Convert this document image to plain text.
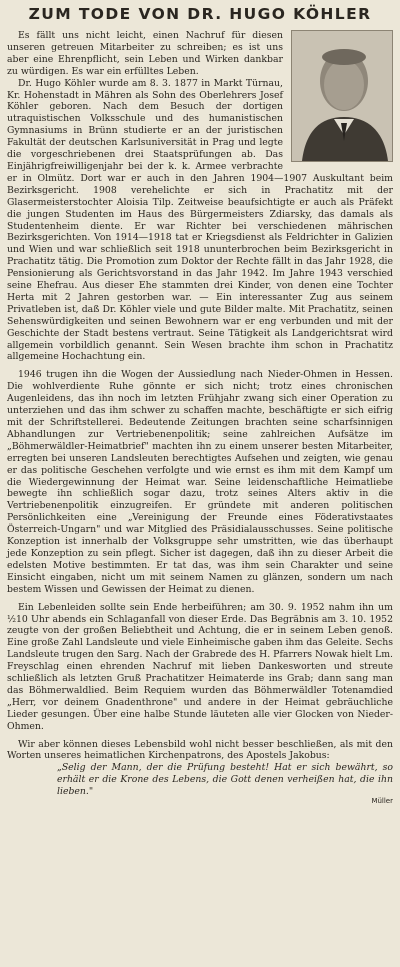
ZUM TODE VON DR. HUGO KÖHLER

Es fällt uns nicht leicht, einen Nachruf für diesen unseren getreuen Mitarbeiter zu schreiben; es ist uns aber eine Ehrenpflicht, sein Leben und Wirken dankbar zu würdigen. Es war ein erfülltes Leben.

Dr. Hugo Köhler wurde am 8. 3. 1877 in Markt Türnau, Kr. Hohenstadt in Mähren als Sohn des Oberlehrers Josef Köhler geboren. Nach dem Besuch der dortigen utraquistischen Volksschule und des humanistischen Gymnasiums in Brünn studierte er an der juristischen Fakultät der deutschen Karlsuniversität in Prag und legte die vorgeschriebenen drei Staatsprüfungen ab. Das Einjährigfreiwilligenjahr bei der k. k. Armee verbrachte er in Olmütz. Dort war er auch in den Jahren 1904—1907 Auskultant beim Bezirksgericht. 1908 verehelichte er sich in Prachatitz mit der Glasermeisterstochter Aloisia Tilp. Zeitweise beaufsichtigte er auch als Präfekt die jungen Studenten im Haus des Bürgermeisters Zdiarsky, das damals als Studentenheim diente. Er war Richter bei verschiedenen mährischen Bezirksgerichten. Von 1914—1918 tat er Kriegsdienst als Feldrichter in Galizien und Wien und war schließlich seit 1918 ununterbrochen beim Bezirksgericht in Prachatitz tätig. Die Promotion zum Doktor der Rechte fällt in das Jahr 1928, die Pensionierung als Gerichtsvorstand in das Jahr 1942. Im Jahre 1943 verschied seine Ehefrau. Aus dieser Ehe stammten drei Kinder, von denen eine Tochter Herta mit 2 Jahren gestorben war. — Ein interessanter Zug aus seinem Privatleben ist, daß Dr. Köhler viele und gute Bilder malte. Mit Prachatitz, seinen Sehenswürdigkeiten und seinen Bewohnern war er eng verbunden und mit der Geschichte der Stadt bestens vertraut. Seine Tätigkeit als Landgerichtsrat wird allgemein vorbildlich genannt. Sein Wesen brachte ihm schon in Prachatitz allgemeine Hochachtung ein.

1946 trugen ihn die Wogen der Aussiedlung nach Nieder-Ohmen in Hessen. Die wohlverdiente Ruhe gönnte er sich nicht; trotz eines chronischen Augenleidens, das ihn noch im letzten Frühjahr zwang sich einer Operation zu unterziehen und das ihm schwer zu schaffen machte, beschäftigte er sich eifrig mit der Schriftstellerei. Bedeutende Zeitungen brachten seine scharfsinnigen Abhandlungen zur Vertriebenenpolitik; seine zahlreichen Aufsätze im „Böhmerwäldler-Heimatbrief" machten ihn zu einem unserer besten Mitarbeiter, erregten bei unseren Landsleuten berechtigtes Aufsehen und zeigten, wie genau er das politische Geschehen verfolgte und wie ernst es ihm mit dem Kampf um die Wiedergewinnung der Heimat war. Seine leidenschaftliche Heimatliebe bewegte ihn schließlich sogar dazu, trotz seines Alters aktiv in die Vertriebenenpolitik einzugreifen. Er gründete mit anderen politischen Persönlichkeiten eine „Vereinigung der Freunde eines Föderativstaates Österreich-Ungarn" und war Mitglied des Präsidialausschusses. Seine politische Konzeption ist innerhalb der Volksgruppe sehr umstritten, wie das überhaupt jede Konzeption zu sein pflegt. Sicher ist dagegen, daß ihn zu dieser Arbeit die edelsten Motive bestimmten. Er tat das, was ihm sein Charakter und seine Einsicht eingaben, nicht um mit seinem Namen zu glänzen, sondern um nach bestem Wissen und Gewissen der Heimat zu dienen.

Ein Lebenleiden sollte sein Ende herbeiführen; am 30. 9. 1952 nahm ihn um ½10 Uhr abends ein Schlaganfall von dieser Erde. Das Begräbnis am 3. 10. 1952 zeugte von der großen Beliebtheit und Achtung, die er in seinem Leben genoß. Eine große Zahl Landsleute und viele Einheimische gaben ihm das Geleite. Sechs Landsleute trugen den Sarg. Nach der Grabrede des H. Pfarrers Nowak hielt Lm. Freyschlag einen ehrenden Nachruf mit lieben Dankesworten und streute schließlich als letzten Gruß Prachatitzer Heimaterde ins Grab; dann sang man das Böhmerwaldlied. Beim Requiem wurden das Böhmerwäldler Totenamdied „Herr, vor deinem Gnadenthrone" und andere in der Heimat gebräuchliche Lieder gesungen. Über eine halbe Stunde läuteten alle vier Glocken von Nieder-Ohmen.

Wir aber können dieses Lebensbild wohl nicht besser beschließen, als mit den Worten unseres heimatlichen Kirchenpatrons, des Apostels Jakobus:

„Selig der Mann, der die Prüfung besteht! Hat er sich bewährt, so erhält er die Krone des Lebens, die Gott denen verheißen hat, die ihn lieben."
Müller
